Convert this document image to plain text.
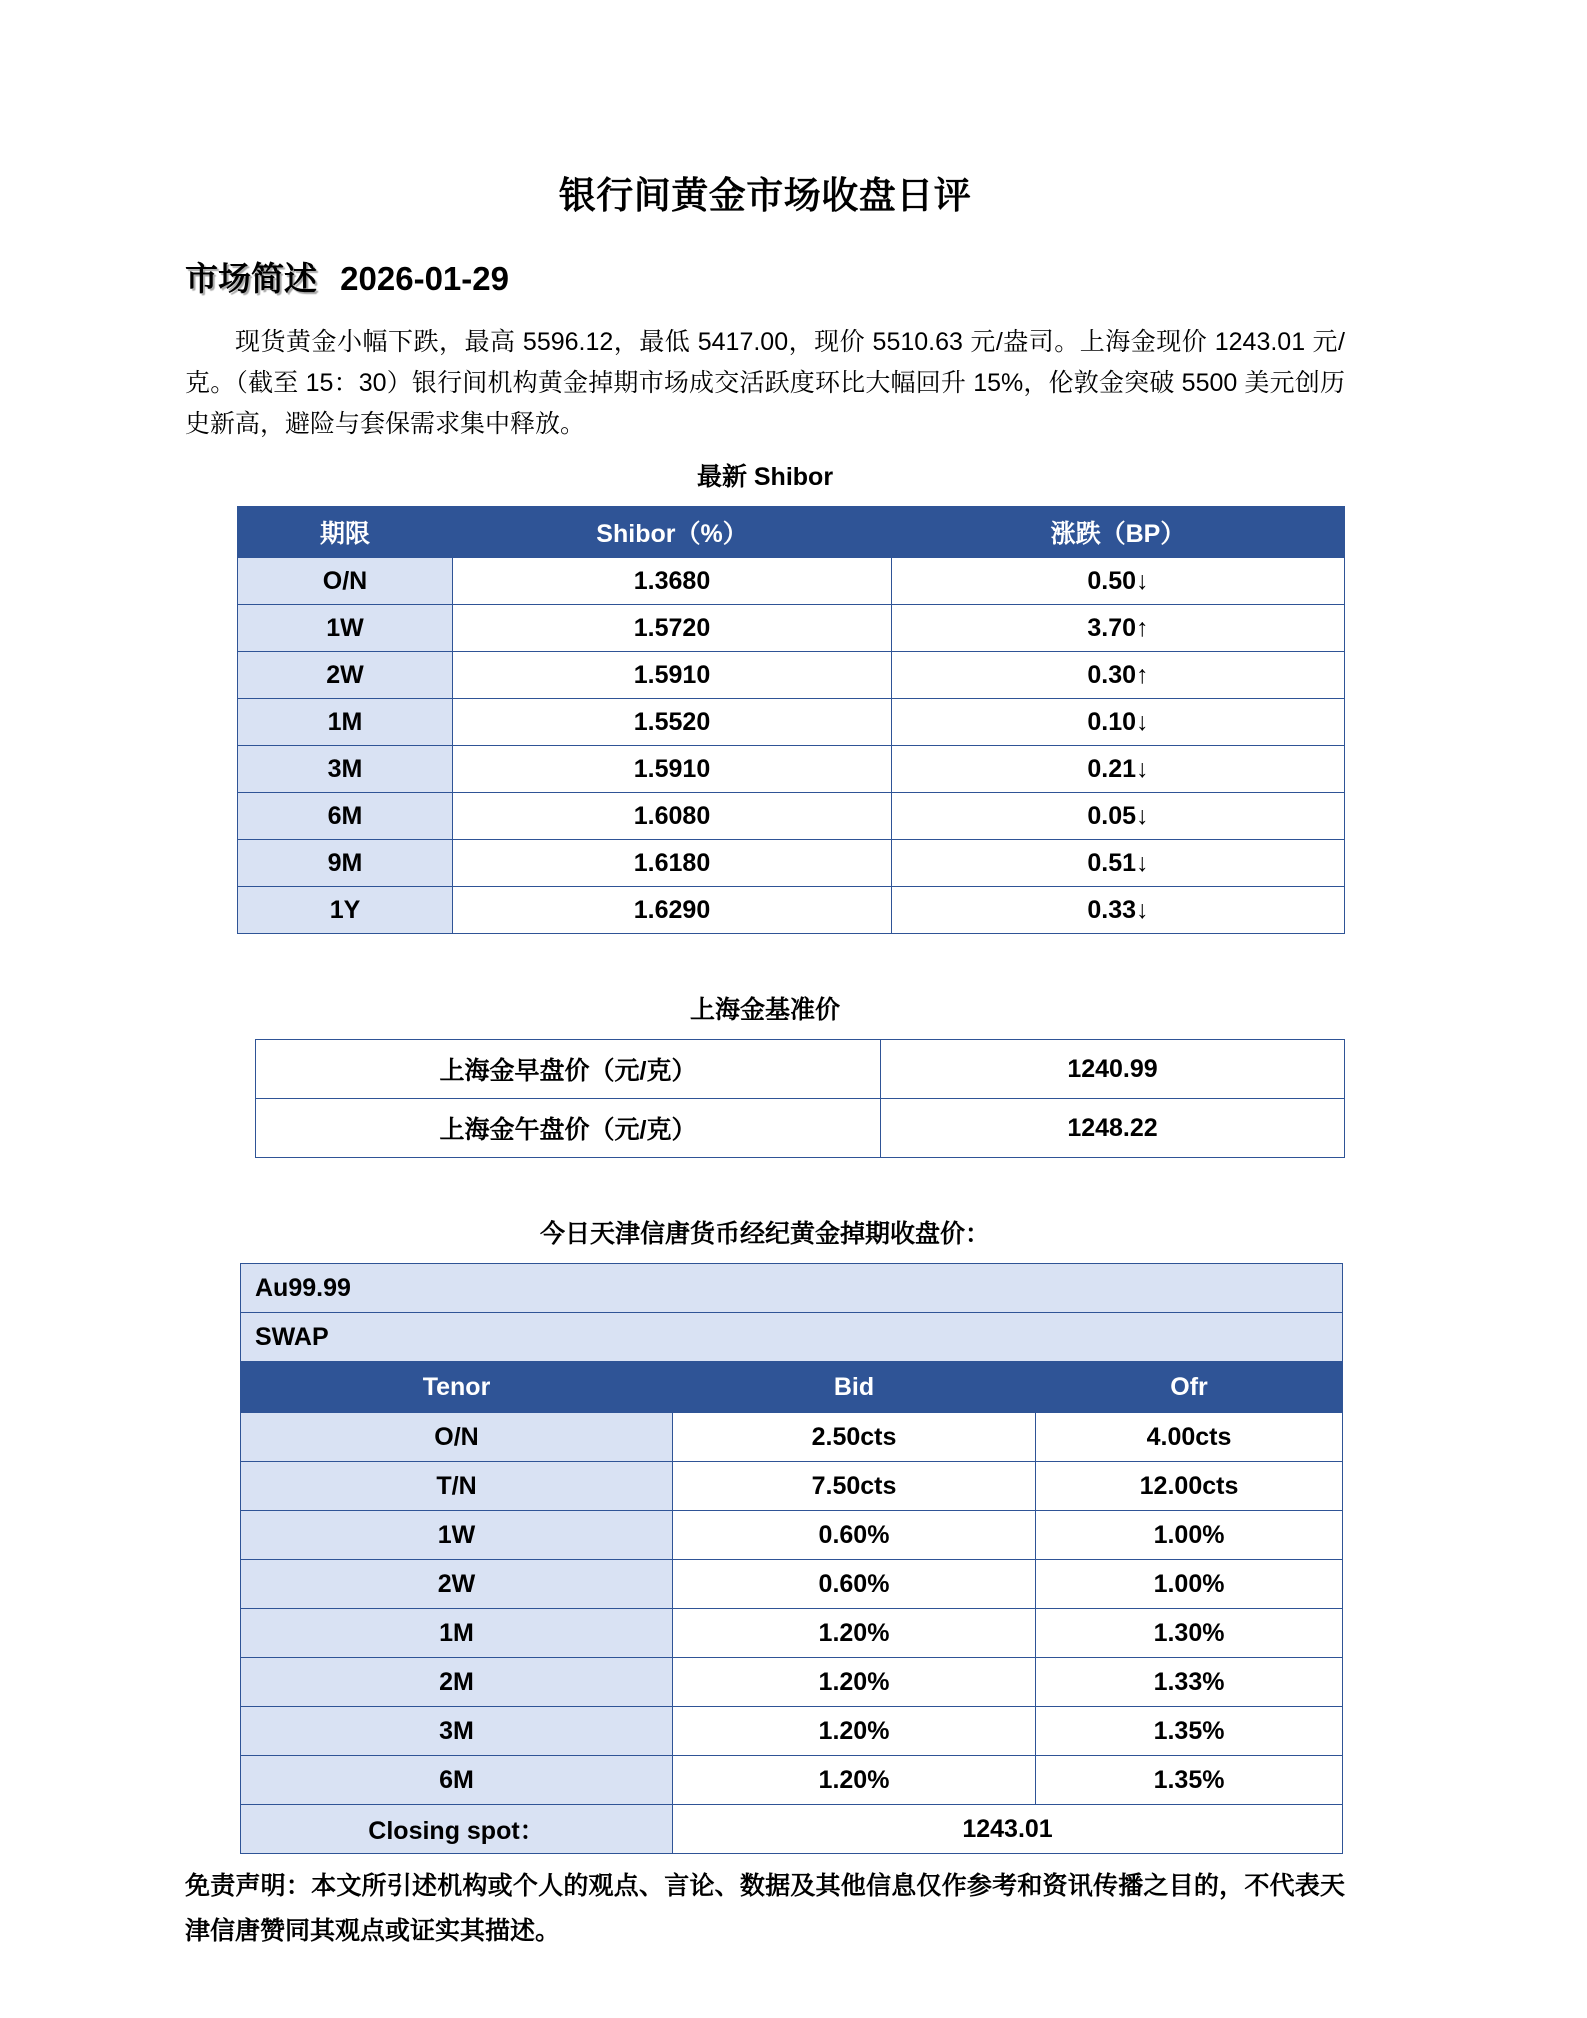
银行间黄金市场收盘日评
市场简述 2026-01-29

现货黄金小幅下跌，最高 5596.12，最低 5417.00，现价 5510.63 元/盎司。上海金现价 1243.01 元/克。（截至 15：30）银行间机构黄金掉期市场成交活跃度环比大幅回升 15%，伦敦金突破 5500 美元创历史新高，避险与套保需求集中释放。

最新 Shibor
期限	Shibor（%）	涨跌（BP）
O/N	1.3680	0.50↓
1W	1.5720	3.70↑
2W	1.5910	0.30↑
1M	1.5520	0.10↓
3M	1.5910	0.21↓
6M	1.6080	0.05↓
9M	1.6180	0.51↓
1Y	1.6290	0.33↓
上海金基准价
上海金早盘价（元/克）	1240.99
上海金午盘价（元/克）	1248.22
今日天津信唐货币经纪黄金掉期收盘价：
Au99.99		
SWAP		
Tenor	Bid	Ofr
O/N	2.50cts	4.00cts
T/N	7.50cts	12.00cts
1W	0.60%	1.00%
2W	0.60%	1.00%
1M	1.20%	1.30%
2M	1.20%	1.33%
3M	1.20%	1.35%
6M	1.20%	1.35%
Closing spot：	1243.01	

免责声明：本文所引述机构或个人的观点、言论、数据及其他信息仅作参考和资讯传播之目的，不代表天津信唐赞同其观点或证实其描述。
